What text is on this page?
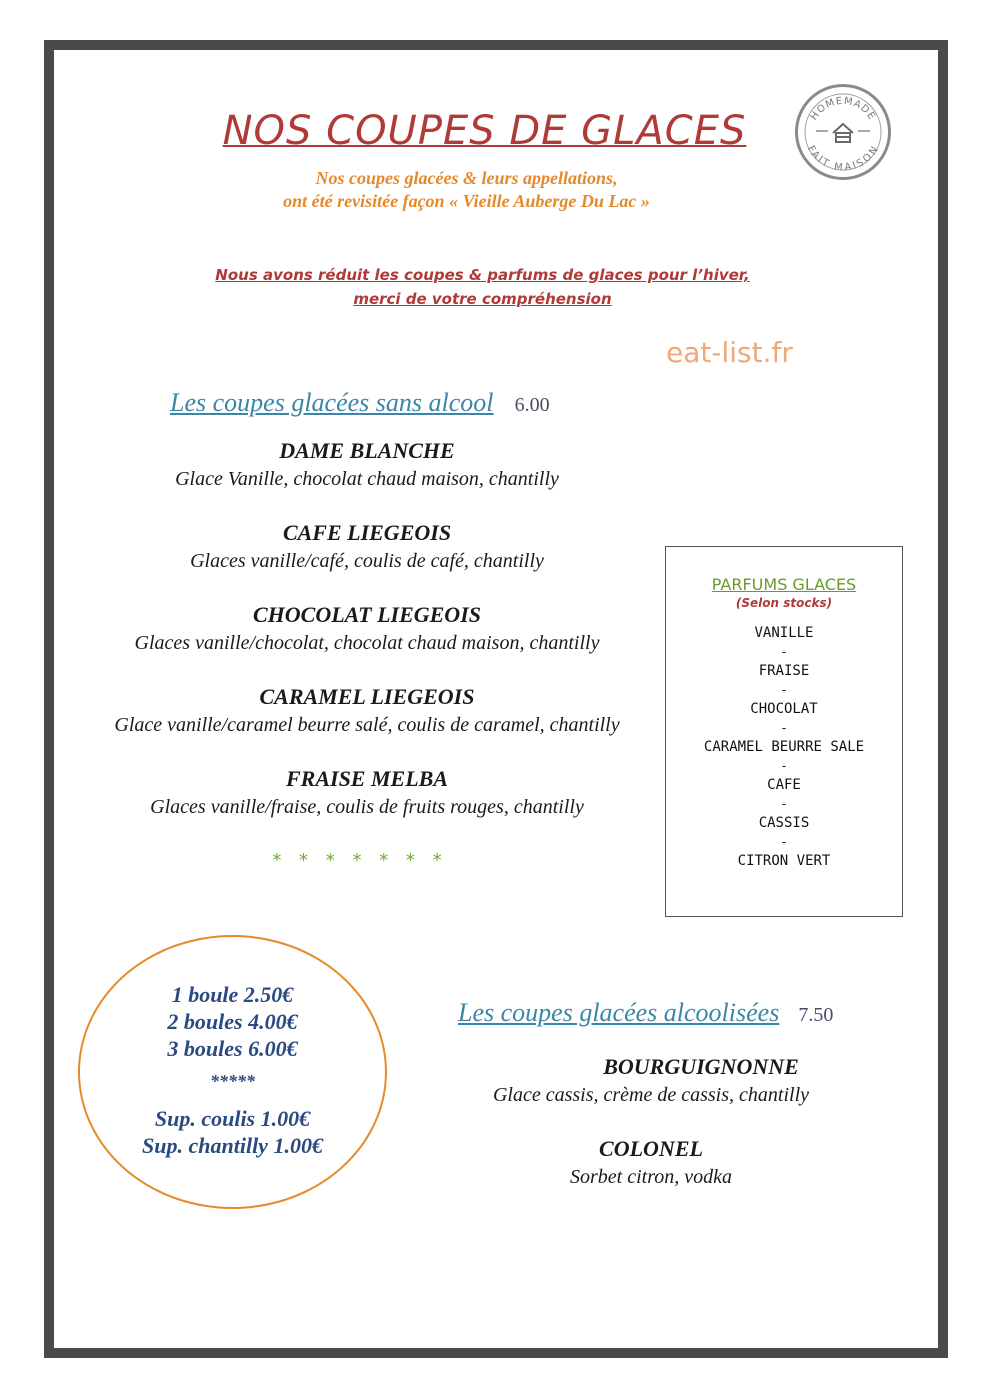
NOS COUPES DE GLACES
Nos coupes glacées & leurs appellations,
ont été revisitée façon « Vieille Auberge Du Lac »
HOMEMADE
FAIT MAISON
Nous avons réduit les coupes & parfums de glaces pour l’hiver,
merci de votre compréhension
eat-list.fr
Les coupes glacées sans alcool 6.00
DAME BLANCHE
Glace Vanille, chocolat chaud maison, chantilly
CAFE LIEGEOIS
Glaces vanille/café, coulis de café, chantilly
CHOCOLAT LIEGEOIS
Glaces vanille/chocolat, chocolat chaud maison, chantilly
CARAMEL LIEGEOIS
Glace vanille/caramel beurre salé, coulis de caramel, chantilly
FRAISE MELBA
Glaces vanille/fraise, coulis de fruits rouges, chantilly
* * * * * * *
PARFUMS GLACES
(Selon stocks)
VANILLE
-
FRAISE
-
CHOCOLAT
-
CARAMEL BEURRE SALE
-
CAFE
-
CASSIS
-
CITRON VERT
1 boule 2.50€
2 boules 4.00€
3 boules 6.00€
*****
Sup. coulis 1.00€
Sup. chantilly 1.00€
Les coupes glacées alcoolisées 7.50
BOURGUIGNONNE
Glace cassis, crème de cassis, chantilly
COLONEL
Sorbet citron, vodka
